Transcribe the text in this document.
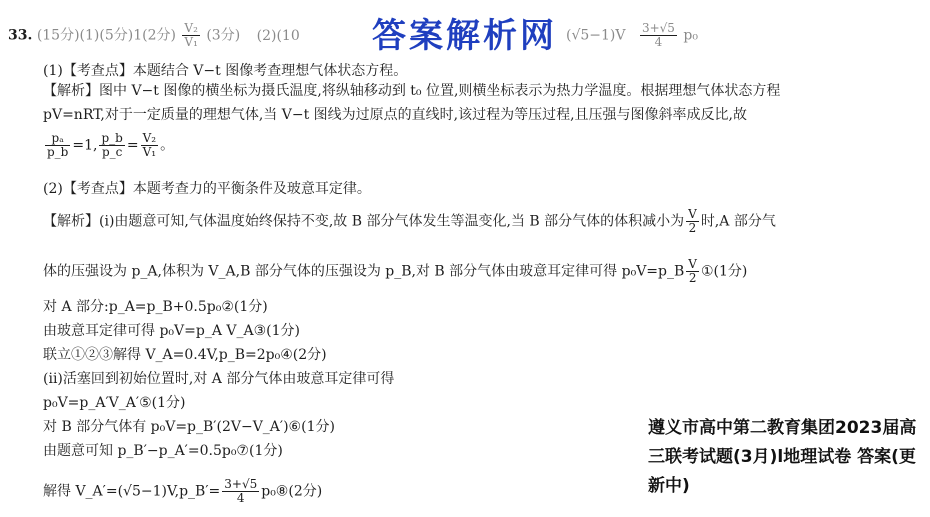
33. (15分)(1)(5分)1(2分) $\frac{\text{V₂}}{\text{V₁}} (3$分) (2)(10	$(√5-1)V \frac{3+√5}{4} p_0$
答案解析网
(1)【考查点】本题结合 V−t 图像考查理想气体状态方程。
【解析】图中 V−t 图像的横坐标为摄氏温度,将纵轴移动到 t₀ 位置,则横坐标表示为热力学温度。根据理想气体状态方程
pV=nRT,对于一定质量的理想气体,当 V−t 图线为过原点的直线时,该过程为等压过程,且压强与图像斜率成反比,故
$\frac{\text{pₐ}}{p\_b} =1$, $\frac{p\_b}{p\_c} = \frac{\text{V₂}}{\text{V₁}}$ 。
(2)【考查点】本题考查力的平衡条件及玻意耳定律。
【解析】(ⅰ)由题意可知,气体温度始终保持不变,故 B 部分气体发生等温变化,当 B 部分气体的体积减小为 $\frac{V}{2}$ 时,A 部分气
体的压强设为 p_A,体积为 V_A,B 部分气体的压强设为 p_B,对 B 部分气体由玻意耳定律可得 p₀V=p_B $\frac{V}{2}$ ①(1分)
对 A 部分:p_A=p_B+0.5p₀②(1分)
由玻意耳定律可得 p₀V=p_A V_A③(1分)
联立①②③解得 V_A=0.4V,p_B=2p₀④(2分)
(ⅱ)活塞回到初始位置时,对 A 部分气体由玻意耳定律可得
p₀V=p_A′V_A′⑤(1分)
对 B 部分气体有 p₀V=p_B′(2V−V_A′)⑥(1分)
由题意可知 p_B′−p_A′=0.5p₀⑦(1分)
解得 V_A′=(√5−1)V,p_B′= $\frac{3+√5}{4}$ p₀⑧(2分)
遵义市高中第二教育集团2023届高三联考试题(3月)l地理试卷 答案(更新中)
